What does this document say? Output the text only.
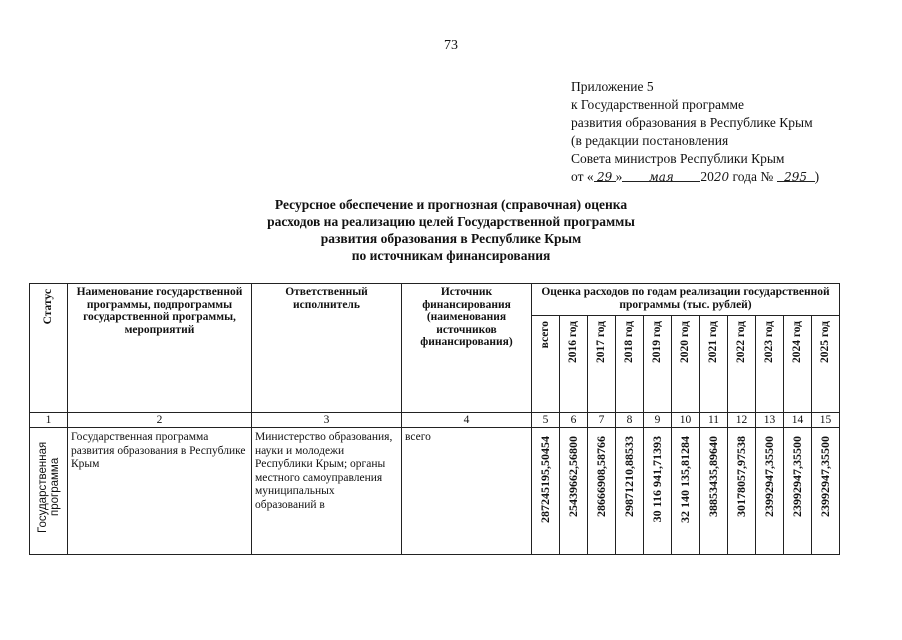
73
Приложение 5
к Государственной программе
развития образования в Республике Крым
(в редакции постановления
Совета министров Республики Крым
от « 29 » мая 2020 года № 295 )
Ресурсное обеспечение и прогнозная (справочная) оценка
расходов на реализацию целей Государственной программы
развития образования в Республике Крым
по источникам финансирования
Статус	Наименование государственной программы, подпрограммы государственной программы, мероприятий	Ответственный исполнитель	Источник финансирования (наименования источников финансирования)	Оценка расходов по годам реализации государственной программы (тыс. рублей)										

				всего	2016 год	2017 год	2018 год	2019 год	2020 год	2021 год	2022 год	2023 год	2024 год	2025 год

1	2	3	4	5	6	7	8	9	10	11	12	13	14	15

Государственная программа	Государственная программа развития образования в Республике Крым	Министерство образования, науки и молодежи Республики Крым; органы местного самоуправления муниципальных образований в	всего	287245195,50454	25439662,56800	28666908,58766	29871210,88533	30 116 941,71393	32 140 135,81284	38853435,89640	30178057,97538	23992947,35500	23992947,35500	23992947,35500
